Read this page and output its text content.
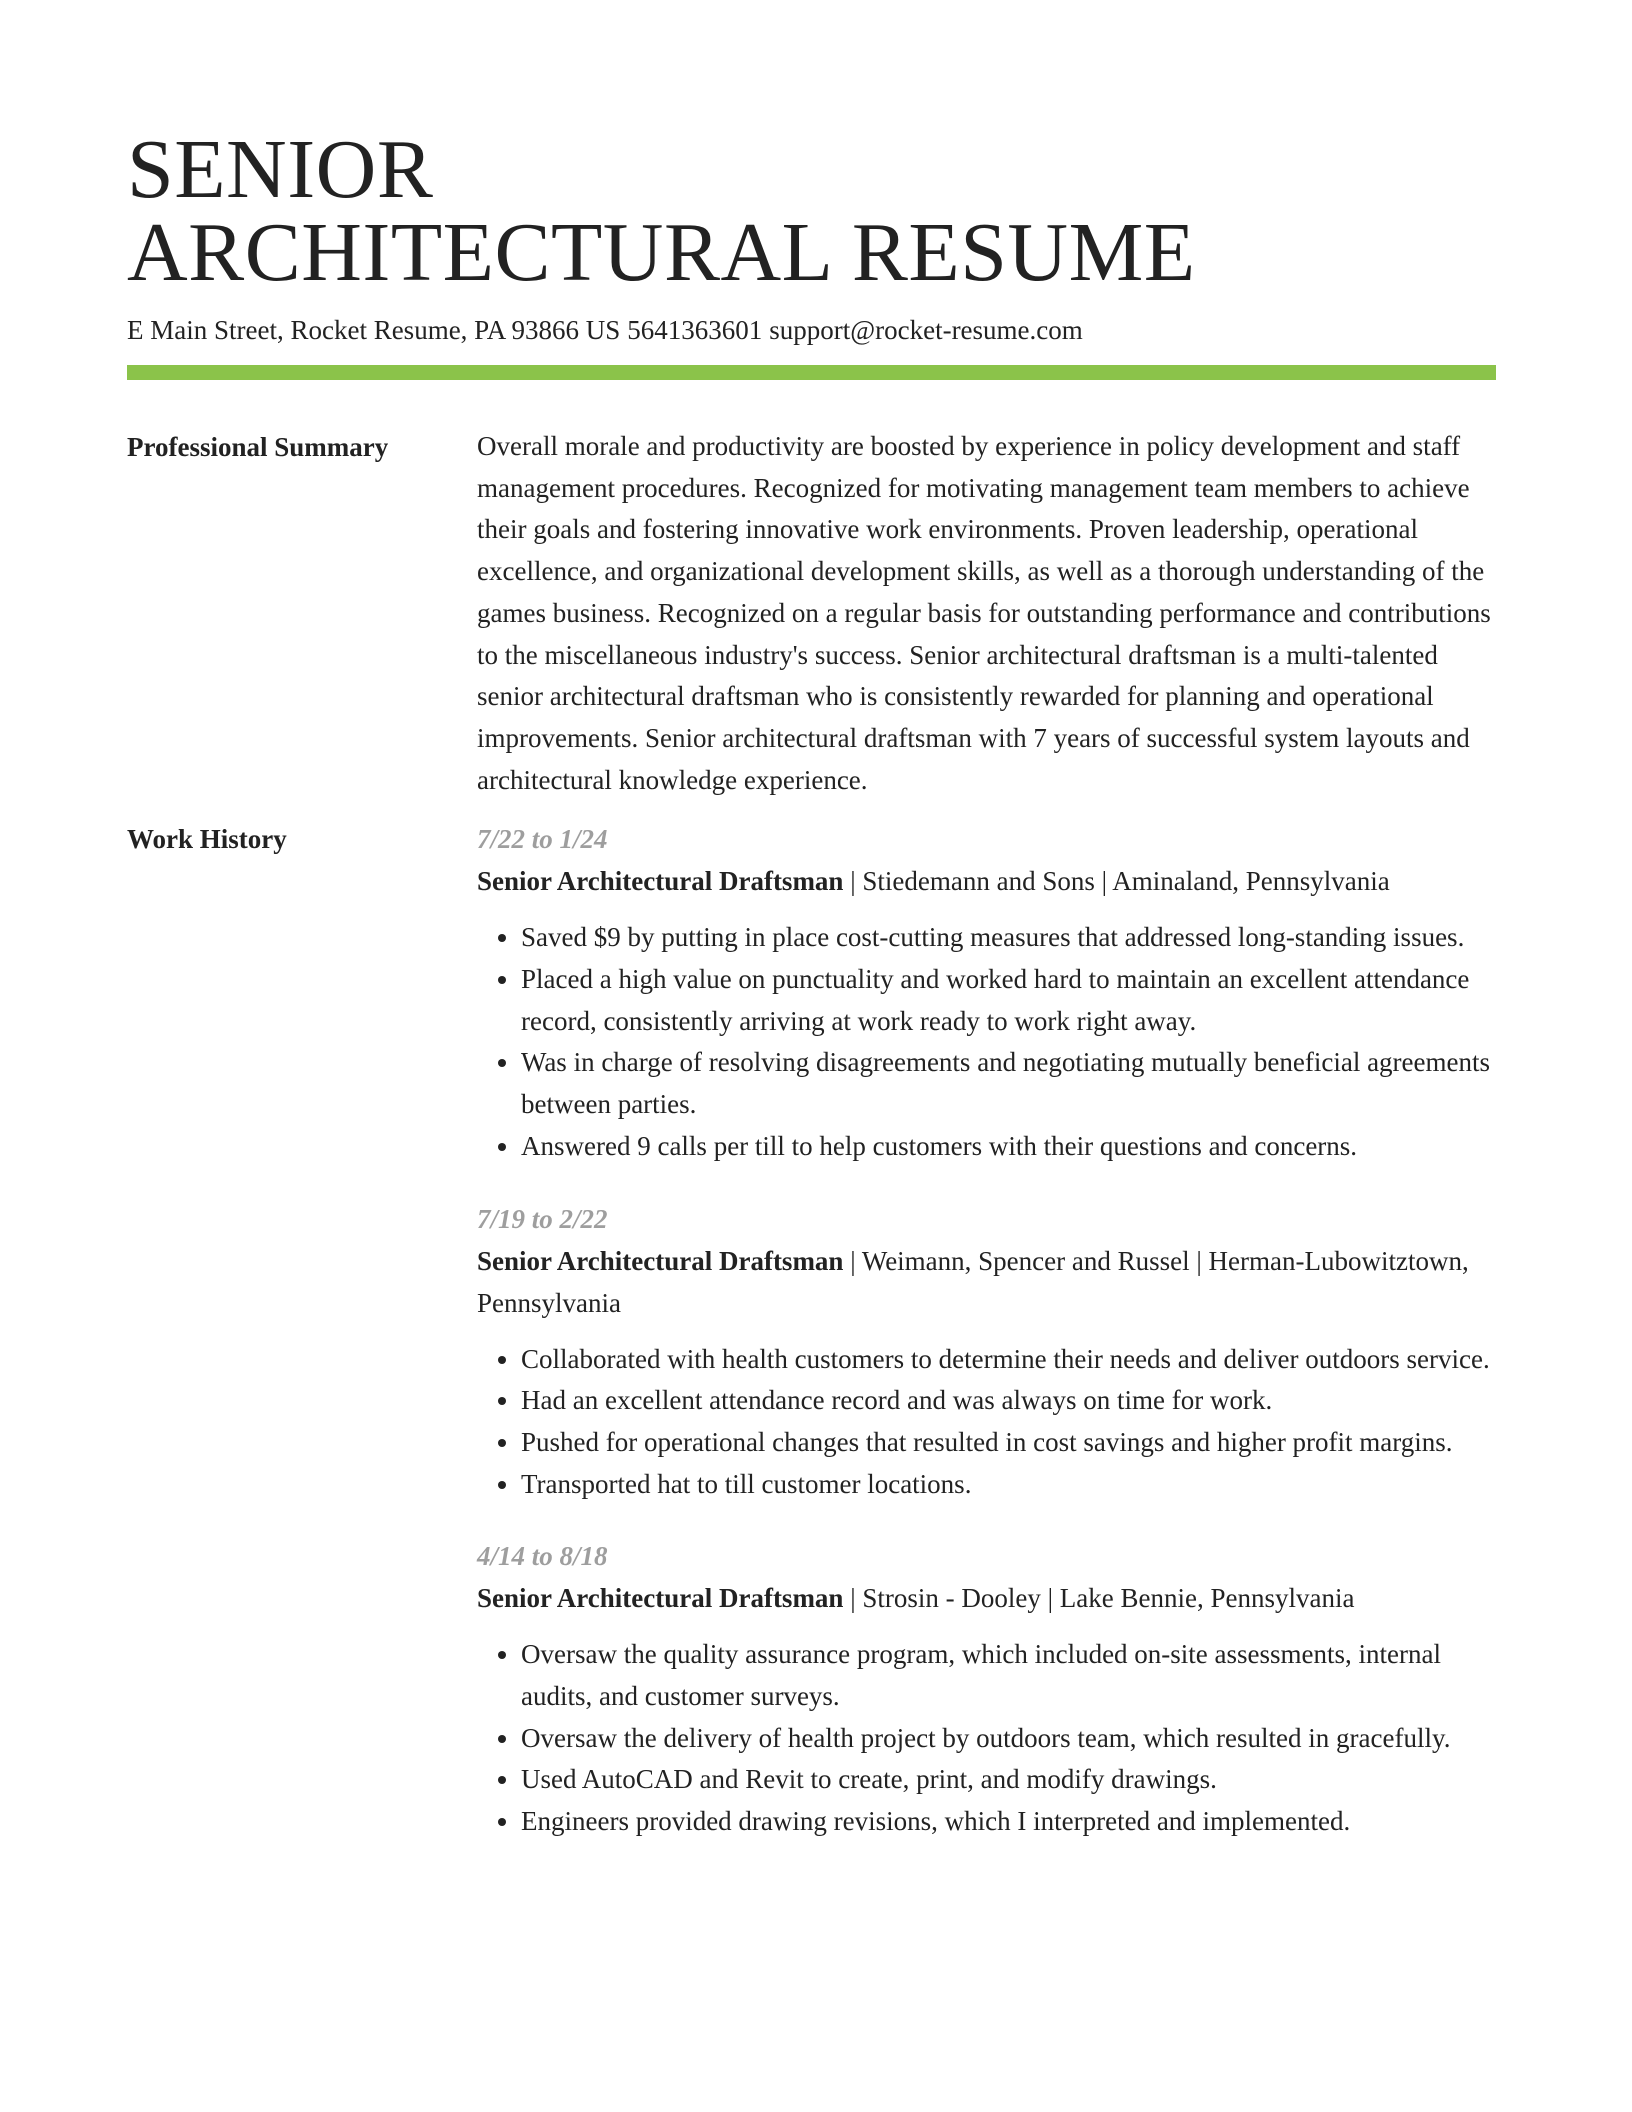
SENIOR
ARCHITECTURAL RESUME
E Main Street, Rocket Resume, PA 93866 US 5641363601 support@rocket-resume.com
Professional Summary	Overall morale and productivity are boosted by experience in policy development and staff management procedures. Recognized for motivating management team members to achieve their goals and fostering innovative work environments. Proven leadership, operational excellence, and organizational development skills, as well as a thorough understanding of the games business. Recognized on a regular basis for outstanding performance and contributions to the miscellaneous industry's success. Senior architectural draftsman is a multi-talented senior architectural draftsman who is consistently rewarded for planning and operational improvements. Senior architectural draftsman with 7 years of successful system layouts and architectural knowledge experience.
Work History	7/22 to 1/24
Senior Architectural Draftsman | Stiedemann and Sons | Aminaland, Pennsylvania
• Saved $9 by putting in place cost-cutting measures that addressed long-standing issues.
• Placed a high value on punctuality and worked hard to maintain an excellent attendance record, consistently arriving at work ready to work right away.
• Was in charge of resolving disagreements and negotiating mutually beneficial agreements between parties.
• Answered 9 calls per till to help customers with their questions and concerns.
7/19 to 2/22
Senior Architectural Draftsman | Weimann, Spencer and Russel | Herman-Lubowitztown, Pennsylvania
• Collaborated with health customers to determine their needs and deliver outdoors service.
• Had an excellent attendance record and was always on time for work.
• Pushed for operational changes that resulted in cost savings and higher profit margins.
• Transported hat to till customer locations.
4/14 to 8/18
Senior Architectural Draftsman | Strosin - Dooley | Lake Bennie, Pennsylvania
• Oversaw the quality assurance program, which included on-site assessments, internal audits, and customer surveys.
• Oversaw the delivery of health project by outdoors team, which resulted in gracefully.
• Used AutoCAD and Revit to create, print, and modify drawings.
• Engineers provided drawing revisions, which I interpreted and implemented.
